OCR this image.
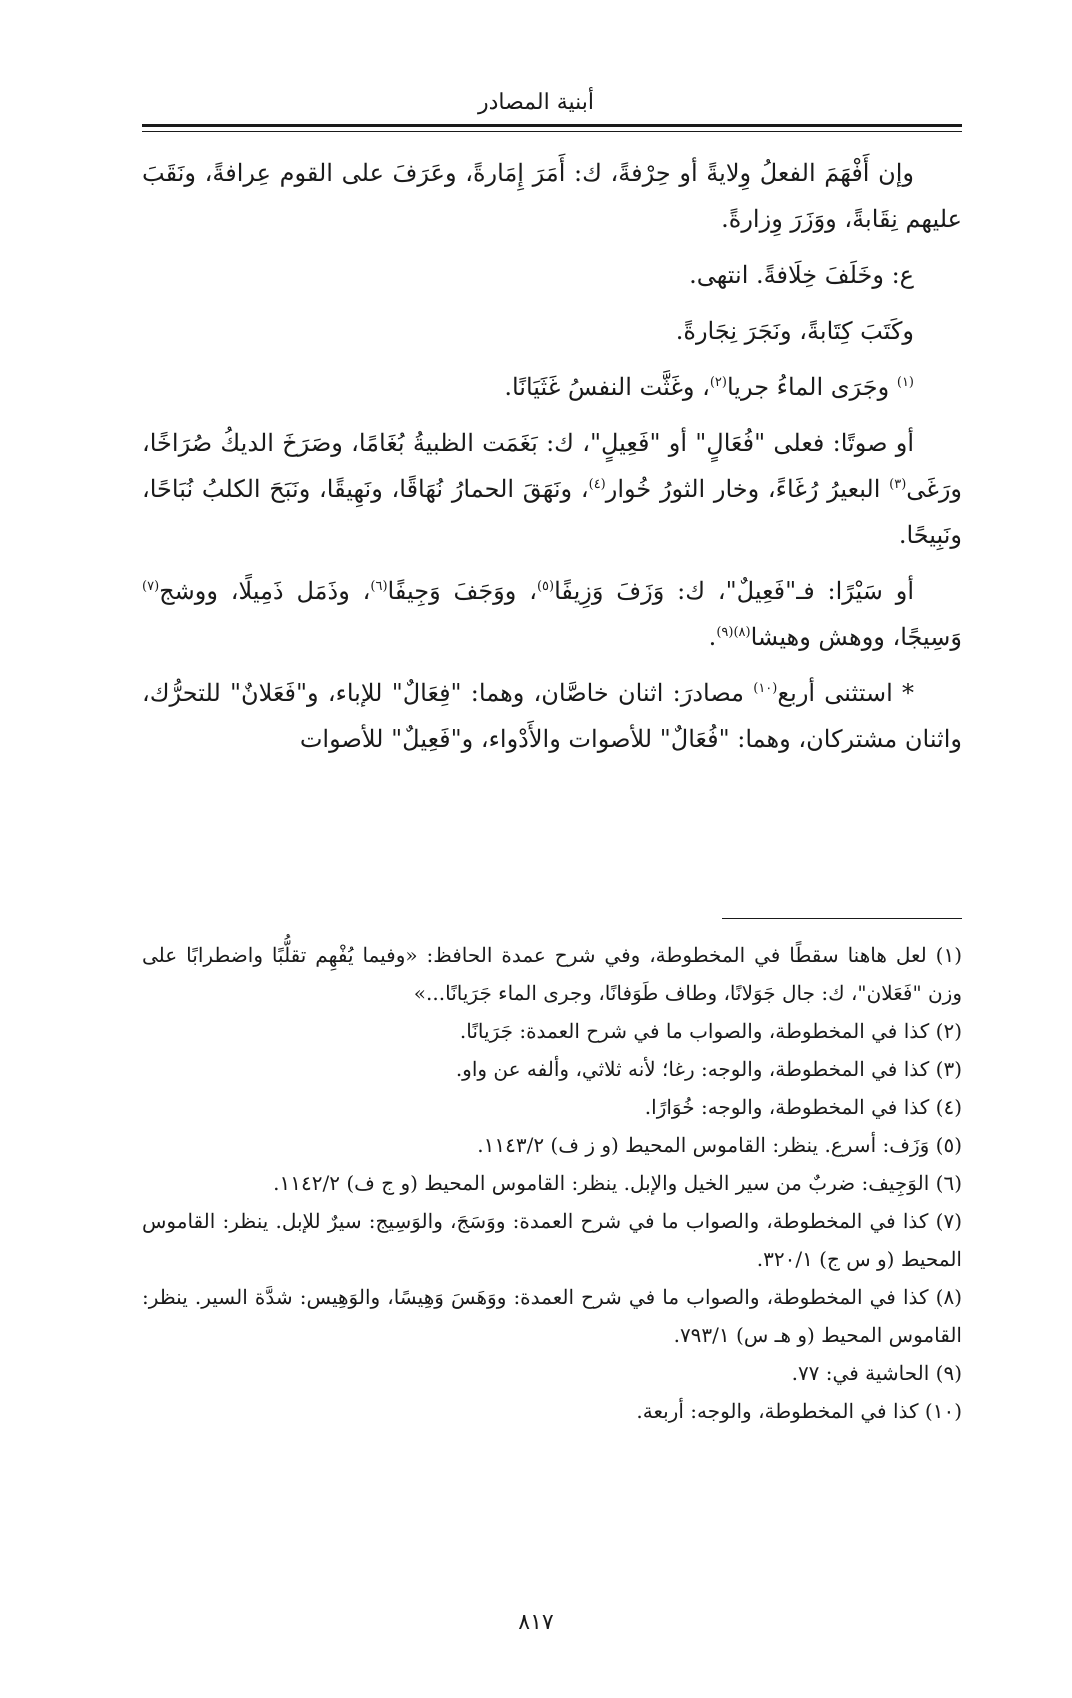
أبنية المصادر

وإن أَفْهَمَ الفعلُ وِلايةً أو حِرْفةً، ك: أَمَرَ إِمَارةً، وعَرَفَ على القوم عِرافةً، ونَقَبَ عليهم نِقَابةً، ووَزَرَ وِزارةً.

ع: وخَلَفَ خِلَافةً. انتهى.

وكَتَبَ كِتَابةً، ونَجَرَ نِجَارةً.

$^{(١)}$ وجَرَى الماءُ جريا$^{(٢)}$، وغَثَّت النفسُ غَثَيَانًا.

أو صوتًا: فعلى "فُعَالٍ" أو "فَعِيلٍ"، ك: بَغَمَت الظبيةُ بُغَامًا، وصَرَخَ الديكُ صُرَاخًا، ورَغَى$^{(٣)}$ البعيرُ رُغَاءً، وخار الثورُ خُوار$^{(٤)}$، ونَهَقَ الحمارُ نُهَاقًا، ونَهِيقًا، ونَبَحَ الكلبُ نُبَاحًا، ونَبِيحًا.

أو سَيْرًا: فـ"فَعِيلٌ"، ك: وَزَفَ وَزِيفًا$^{(٥)}$، ووَجَفَ وَجِيفًا$^{(٦)}$، وذَمَل ذَمِيلًا، ووشج$^{(٧)}$ وَسِيجًا، ووهش وهيشا$^{(٨)(٩)}$.

* استثنى أربع$^{(١٠)}$ مصادرَ: اثنان خاصَّان، وهما: "فِعَالٌ" للإباء، و"فَعَلانٌ" للتحرُّك، واثنان مشتركان، وهما: "فُعَالٌ" للأصوات والأَدْواء، و"فَعِيلٌ" للأصوات

(١) لعل هاهنا سقطًا في المخطوطة، وفي شرح عمدة الحافظ: «وفيما يُفْهِم تقلُّبًا واضطرابًا على وزن "فَعَلان"، ك: جال جَوَلانًا، وطاف طَوَفانًا، وجرى الماء جَرَيانًا...»

(٢) كذا في المخطوطة، والصواب ما في شرح العمدة: جَرَيانًا.

(٣) كذا في المخطوطة، والوجه: رغا؛ لأنه ثلاثي، وألفه عن واو.

(٤) كذا في المخطوطة، والوجه: خُوَارًا.

(٥) وَزَف: أسرع. ينظر: القاموس المحيط (و ز ف) ١١٤٣/٢.

(٦) الوَجِيف: ضربٌ من سير الخيل والإبل. ينظر: القاموس المحيط (و ج ف) ١١٤٢/٢.

(٧) كذا في المخطوطة، والصواب ما في شرح العمدة: ووَسَجَ، والوَسِيج: سيرٌ للإبل. ينظر: القاموس المحيط (و س ج) ٣٢٠/١.

(٨) كذا في المخطوطة، والصواب ما في شرح العمدة: ووَهَسَ وَهِيسًا، والوَهِيس: شدَّة السير. ينظر: القاموس المحيط (و هـ س) ٧٩٣/١.

(٩) الحاشية في: ٧٧.

(١٠) كذا في المخطوطة، والوجه: أربعة.

٨١٧
